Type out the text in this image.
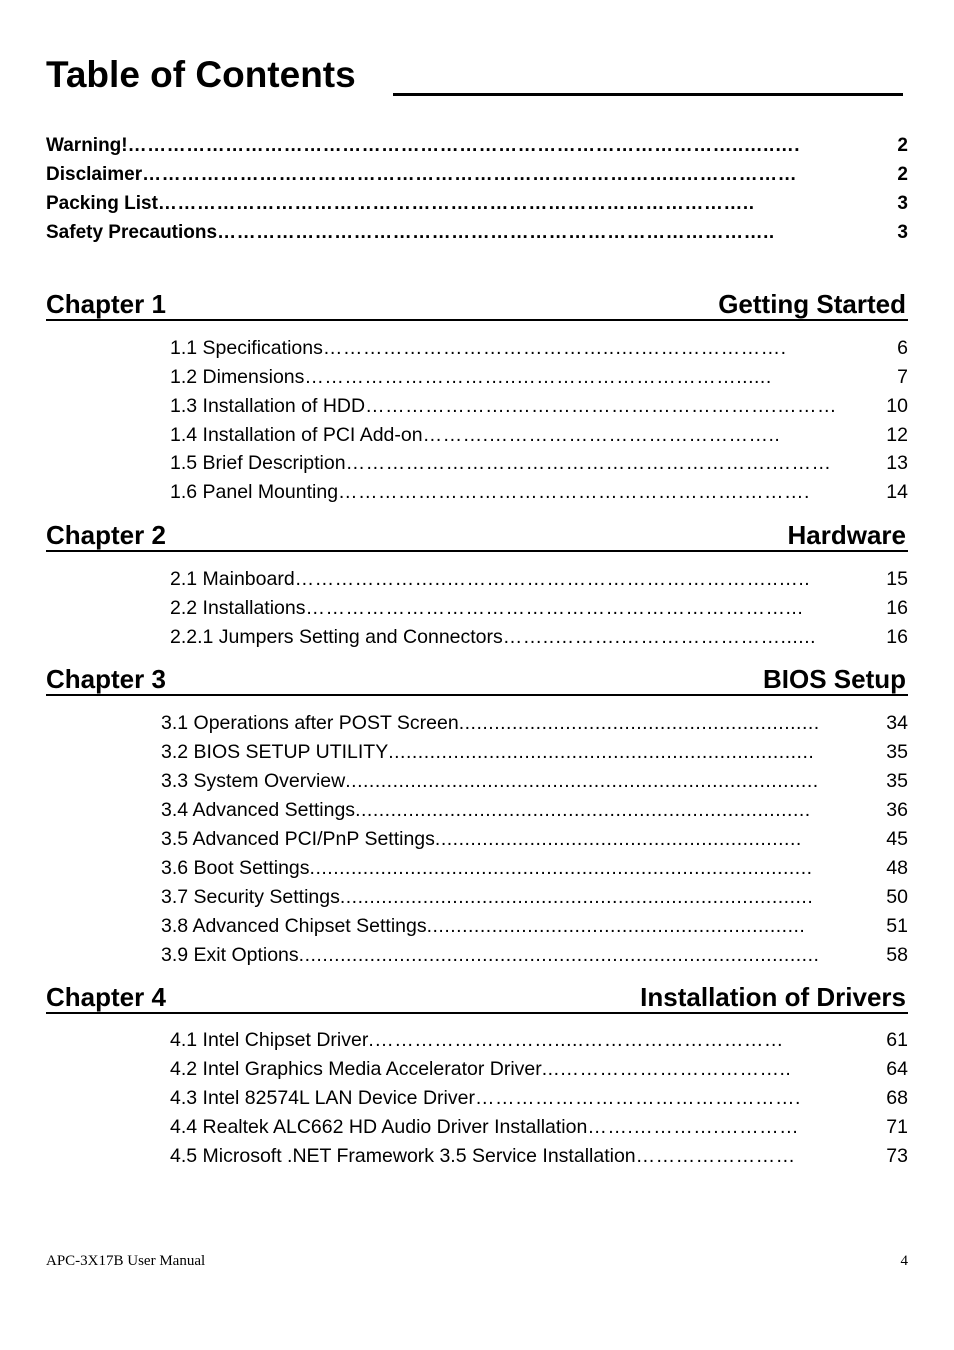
Table of Contents
Warning! …………………………………………………………………………………..…..….	2
Disclaimer ………………………………………………………………………..………………	2
Packing List ………………………………………………………………………………..	3
Safety Precautions …………………………………………………………………………..	3
Chapter 1	Getting Started
1.1 Specifications ……………………………………..….………………….	6
1.2 Dimensions …………………………..……………………………......	7
1.3 Installation of HDD ………………….………………………………….………	10
1.4 Installation of PCI Add-on ……….……………………………………..	12
1.5 Brief Description ……………………………………………………….………	13
1.6 Panel Mounting …………………………………………………….……….	14
Chapter 2	Hardware
2.1 Mainboard …………………..…………………………………………..…..	15
2.2 Installations ………………………………………………………………...	16
2.2.1 Jumpers Setting and Connectors ……..……….……………………......	16
Chapter 3	BIOS Setup
3.1 Operations after POST Screen .............................................................	34
3.2 BIOS SETUP UTILITY ........................................................................	35
3.3 System Overview ................................................................................	35
3.4 Advanced Settings .............................................................................	36
3.5 Advanced PCI/PnP Settings ..............................................................	45
3.6 Boot Settings .....................................................................................	48
3.7 Security Settings ................................................................................	50
3.8 Advanced Chipset Settings ................................................................	51
3.9 Exit Options ........................................................................................	58
Chapter 4	Installation of Drivers
4.1 Intel Chipset Driver .……………………….....…………………………	61
4.2 Intel Graphics Media Accelerator Driver ...……………………………..	64
4.3 Intel 82574L LAN Device Driver ………………………………………….	68
4.4 Realtek ALC662 HD Audio Driver Installation …….………….…………	71
4.5 Microsoft .NET Framework 3.5 Service Installation ……………………	73
APC-3X17B User Manual	4
